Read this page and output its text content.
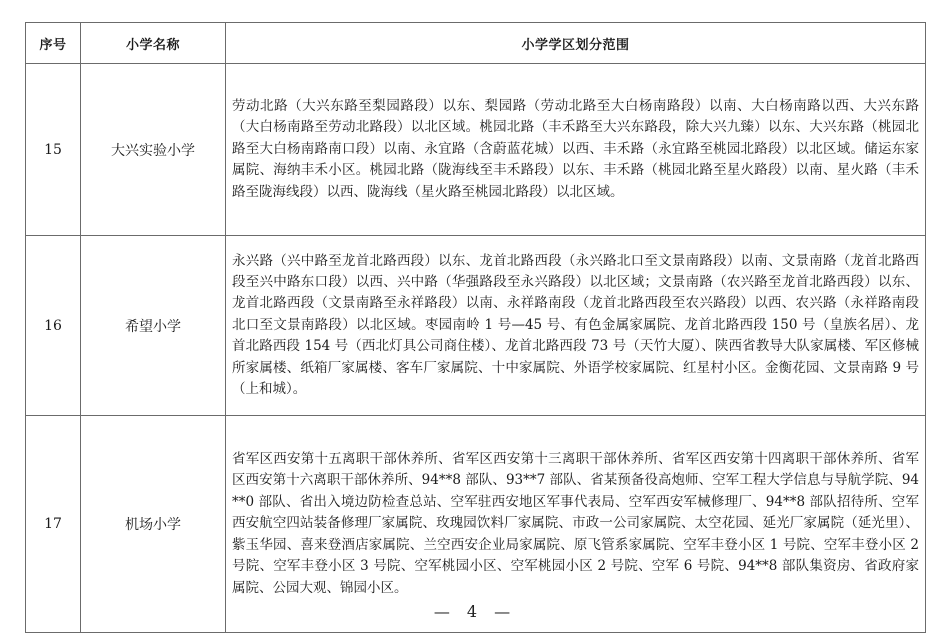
序号	小学名称	小学学区划分范围
15	大兴实验小学	劳动北路（大兴东路至梨园路段）以东、梨园路（劳动北路至大白杨南路段）以南、大白杨南路以西、大兴东路（大白杨南路至劳动北路段）以北区域。桃园北路（丰禾路至大兴东路段，除大兴九臻）以东、大兴东路（桃园北路至大白杨南路南口段）以南、永宜路（含蔚蓝花城）以西、丰禾路（永宜路至桃园北路段）以北区域。储运东家属院、海纳丰禾小区。桃园北路（陇海线至丰禾路段）以东、丰禾路（桃园北路至星火路段）以南、星火路（丰禾路至陇海线段）以西、陇海线（星火路至桃园北路段）以北区域。
16	希望小学	永兴路（兴中路至龙首北路西段）以东、龙首北路西段（永兴路北口至文景南路段）以南、文景南路（龙首北路西段至兴中路东口段）以西、兴中路（华强路段至永兴路段）以北区域；文景南路（农兴路至龙首北路西段）以东、龙首北路西段（文景南路至永祥路段）以南、永祥路南段（龙首北路西段至农兴路段）以西、农兴路（永祥路南段北口至文景南路段）以北区域。枣园南岭 1 号—45 号、有色金属家属院、龙首北路西段 150 号（皇族名居）、龙首北路西段 154 号（西北灯具公司商住楼）、龙首北路西段 73 号（天竹大厦）、陕西省教导大队家属楼、军区修械所家属楼、纸箱厂家属楼、客车厂家属院、十中家属院、外语学校家属院、红星村小区。金衡花园、文景南路 9 号（上和城）。
17	机场小学	省军区西安第十五离职干部休养所、省军区西安第十三离职干部休养所、省军区西安第十四离职干部休养所、省军区西安第十六离职干部休养所、94**8 部队、93**7 部队、省某预备役高炮师、空军工程大学信息与导航学院、94**0 部队、省出入境边防检查总站、空军驻西安地区军事代表局、空军西安军械修理厂、94**8 部队招待所、空军西安航空四站装备修理厂家属院、玫瑰园饮料厂家属院、市政一公司家属院、太空花园、延光厂家属院（延光里）、紫玉华园、喜来登酒店家属院、兰空西安企业局家属院、原飞管系家属院、空军丰登小区 1 号院、空军丰登小区 2 号院、空军丰登小区 3 号院、空军桃园小区、空军桃园小区 2 号院、空军 6 号院、94**8 部队集资房、省政府家属院、公园大观、锦园小区。
— 4 —
